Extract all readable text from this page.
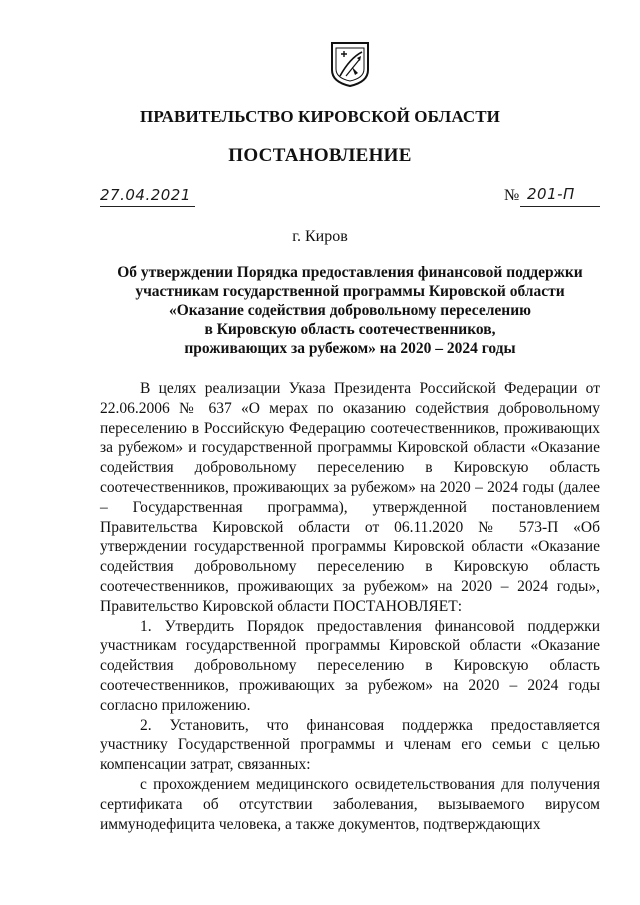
ПРАВИТЕЛЬСТВО КИРОВСКОЙ ОБЛАСТИ
ПОСТАНОВЛЕНИЕ
27.04.2021	№ 201-П
г. Киров
Об утверждении Порядка предоставления финансовой поддержки
участникам государственной программы Кировской области
«Оказание содействия добровольному переселению
в Кировскую область соотечественников,
проживающих за рубежом» на 2020 – 2024 годы

В целях реализации Указа Президента Российской Федерации от 22.06.2006 № 637 «О мерах по оказанию содействия добровольному переселению в Российскую Федерацию соотечественников, проживающих за рубежом» и государственной программы Кировской области «Оказание содействия добровольному переселению в Кировскую область соотечественников, проживающих за рубежом» на 2020 – 2024 годы (далее – Государственная программа), утвержденной постановлением Правительства Кировской области от 06.11.2020 № 573-П «Об утверждении государственной программы Кировской области «Оказание содействия добровольному переселению в Кировскую область соотечественников, проживающих за рубежом» на 2020 – 2024 годы», Правительство Кировской области ПОСТАНОВЛЯЕТ:

1. Утвердить Порядок предоставления финансовой поддержки участникам государственной программы Кировской области «Оказание содействия добровольному переселению в Кировскую область соотечественников, проживающих за рубежом» на 2020 – 2024 годы согласно приложению.

2. Установить, что финансовая поддержка предоставляется участнику Государственной программы и членам его семьи с целью компенсации затрат, связанных:

с прохождением медицинского освидетельствования для получения сертификата об отсутствии заболевания, вызываемого вирусом иммунодефицита человека, а также документов, подтверждающих
